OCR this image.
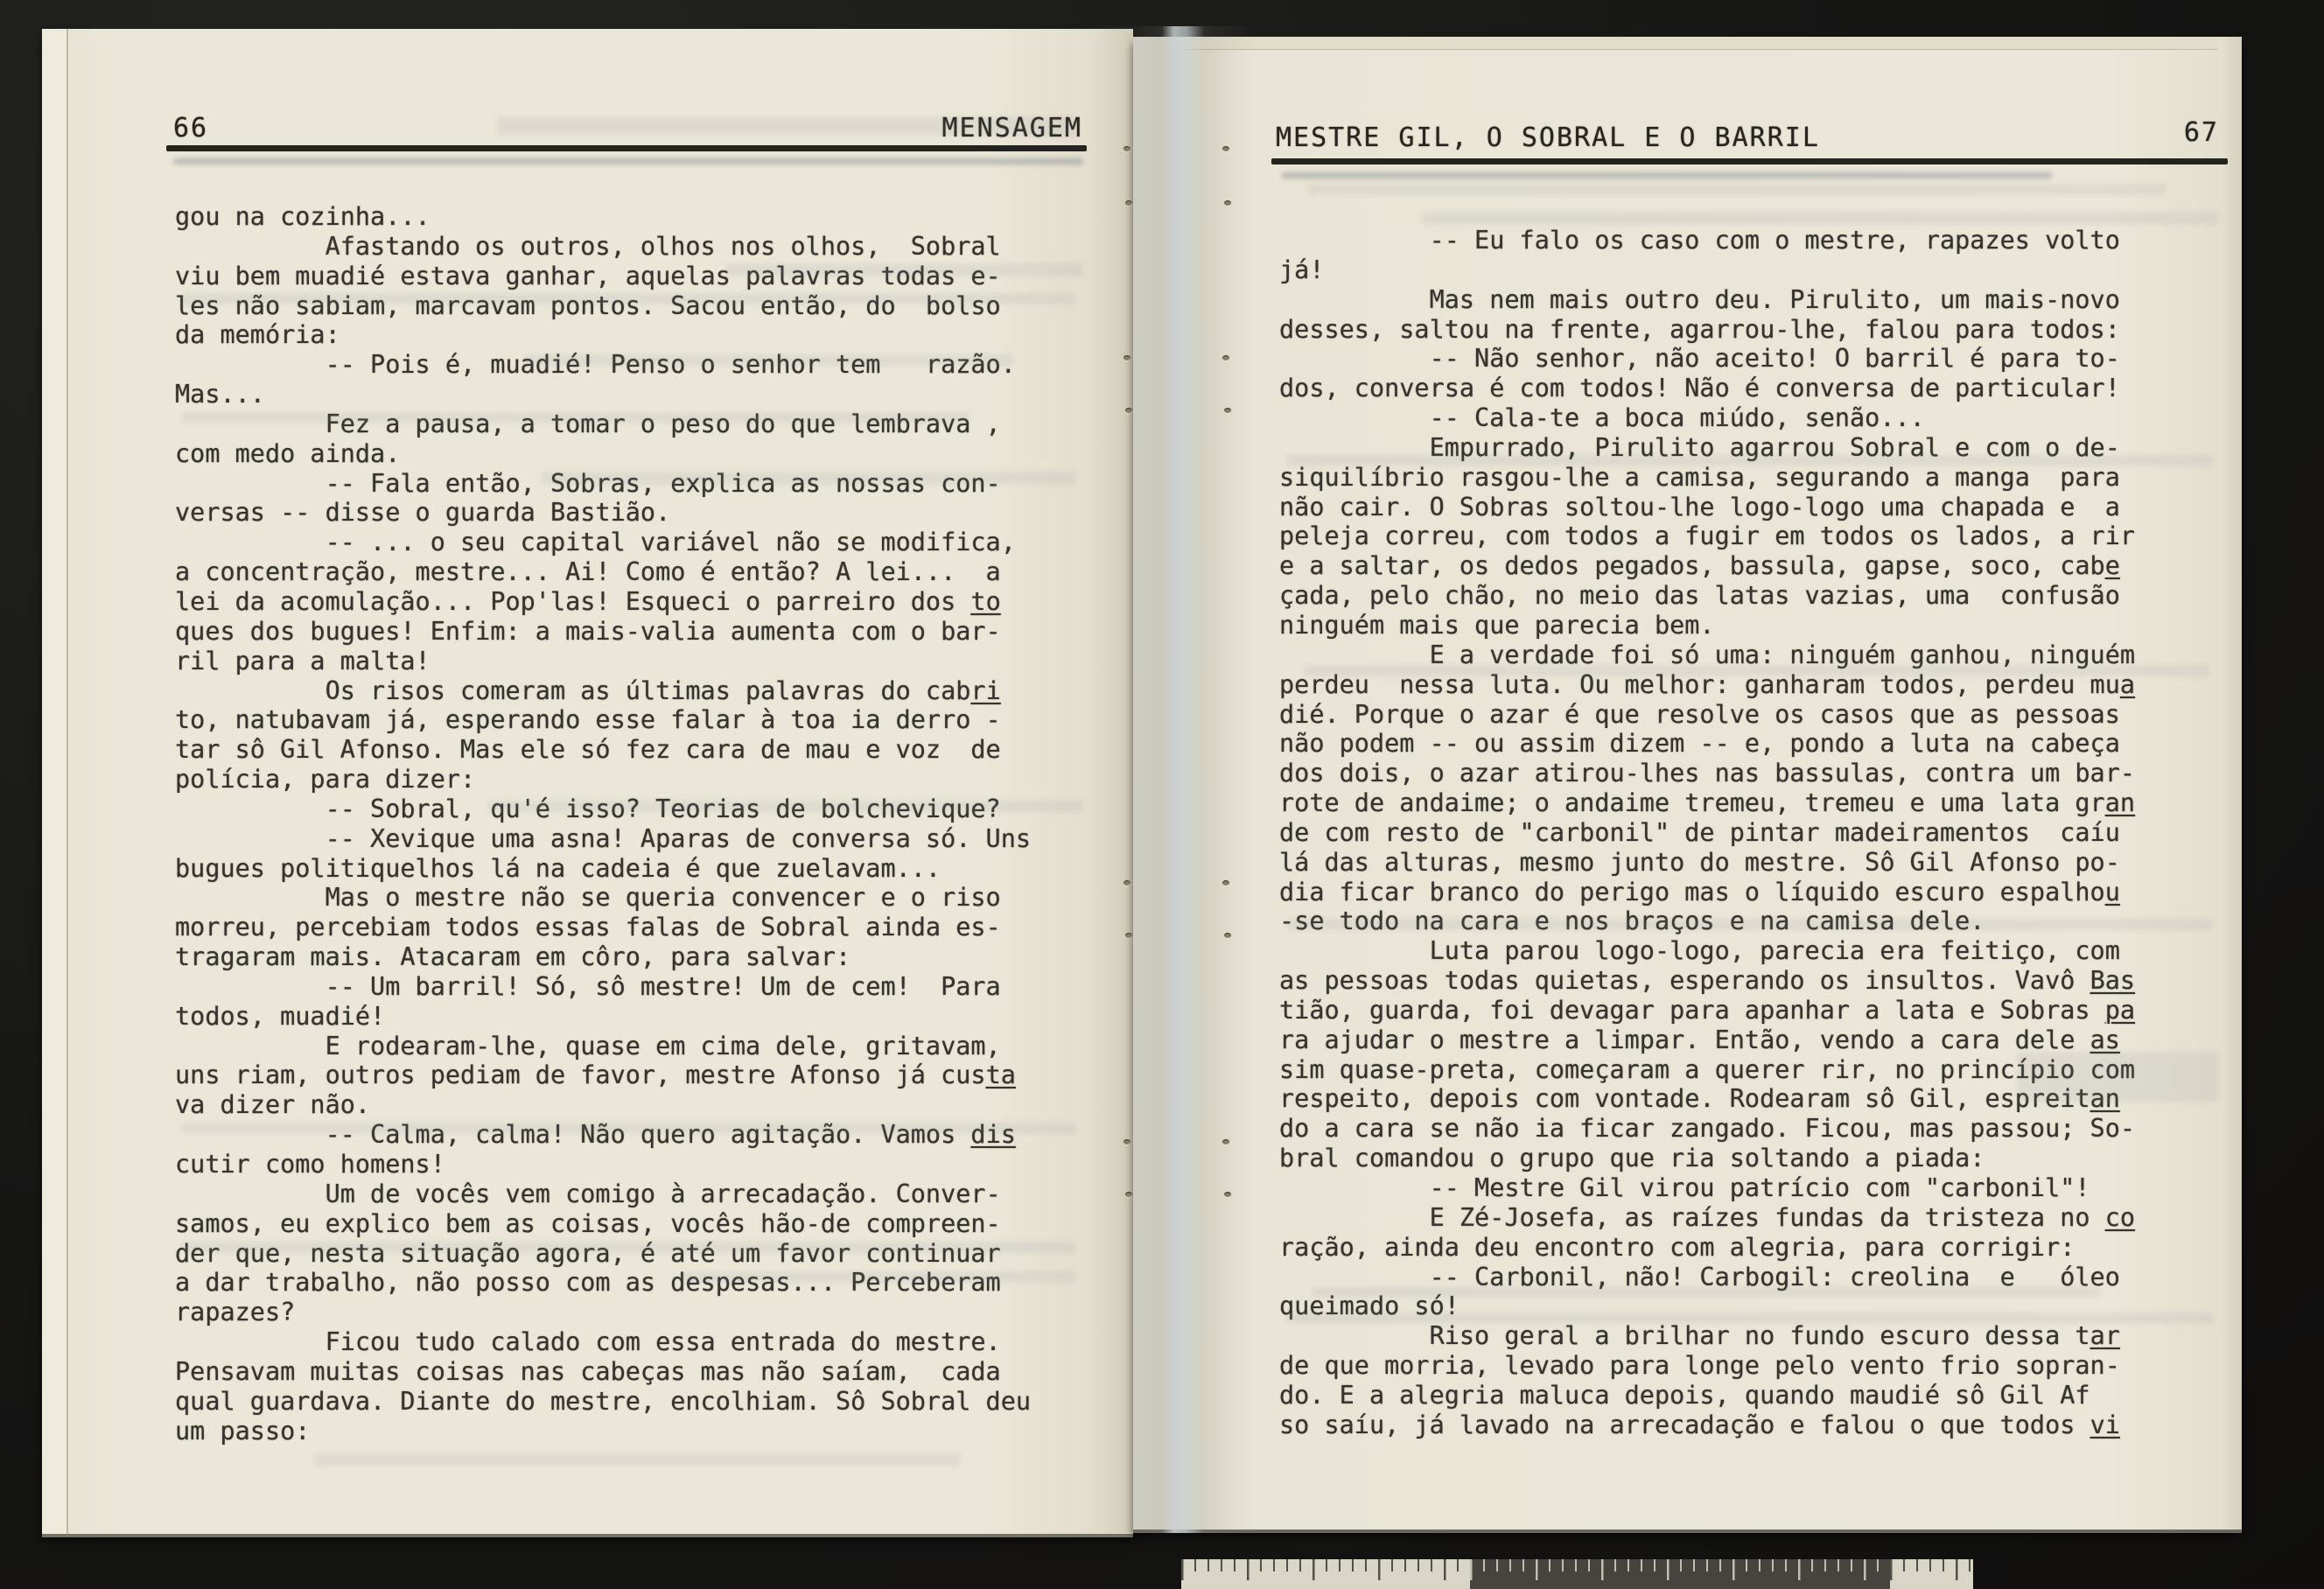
66	MENSAGEM
gou na cozinha...
Afastando os outros, olhos nos olhos,  Sobral
viu bem muadié estava ganhar, aquelas palavras todas e-
les não sabiam, marcavam pontos. Sacou então, do  bolso
da memória:
-- Pois é, muadié! Penso o senhor tem   razão.
Mas...
Fez a pausa, a tomar o peso do que lembrava ,
com medo ainda.
-- Fala então, Sobras, explica as nossas con-
versas -- disse o guarda Bastião.
-- ... o seu capital variável não se modifica,
a concentração, mestre... Ai! Como é então? A lei...  a
lei da acomulação... Pop'las! Esqueci o parreiro dos to
ques dos bugues! Enfim: a mais-valia aumenta com o bar-
ril para a malta!
Os risos comeram as últimas palavras do cabri
to, natubavam já, esperando esse falar à toa ia derro -
tar sô Gil Afonso. Mas ele só fez cara de mau e voz  de
polícia, para dizer:
-- Sobral, qu'é isso? Teorias de bolchevique?
-- Xevique uma asna! Aparas de conversa só. Uns
bugues politiquelhos lá na cadeia é que zuelavam...
Mas o mestre não se queria convencer e o riso
morreu, percebiam todos essas falas de Sobral ainda es-
tragaram mais. Atacaram em côro, para salvar:
-- Um barril! Só, sô mestre! Um de cem!  Para
todos, muadié!
E rodearam-lhe, quase em cima dele, gritavam,
uns riam, outros pediam de favor, mestre Afonso já custa
va dizer não.
-- Calma, calma! Não quero agitação. Vamos dis
cutir como homens!
Um de vocês vem comigo à arrecadação. Conver-
samos, eu explico bem as coisas, vocês hão-de compreen-
der que, nesta situação agora, é até um favor continuar
a dar trabalho, não posso com as despesas... Perceberam
rapazes?
Ficou tudo calado com essa entrada do mestre.
Pensavam muitas coisas nas cabeças mas não saíam,  cada
qual guardava. Diante do mestre, encolhiam. Sô Sobral deu
um passo:
MESTRE GIL, O SOBRAL E O BARRIL	67
-- Eu falo os caso com o mestre, rapazes volto
já!
Mas nem mais outro deu. Pirulito, um mais-novo
desses, saltou na frente, agarrou-lhe, falou para todos:
-- Não senhor, não aceito! O barril é para to-
dos, conversa é com todos! Não é conversa de particular!
-- Cala-te a boca miúdo, senão...
Empurrado, Pirulito agarrou Sobral e com o de-
siquilíbrio rasgou-lhe a camisa, segurando a manga  para
não cair. O Sobras soltou-lhe logo-logo uma chapada e  a
peleja correu, com todos a fugir em todos os lados, a rir
e a saltar, os dedos pegados, bassula, gapse, soco, cabe
çada, pelo chão, no meio das latas vazias, uma  confusão
ninguém mais que parecia bem.
E a verdade foi só uma: ninguém ganhou, ninguém
perdeu  nessa luta. Ou melhor: ganharam todos, perdeu mua
dié. Porque o azar é que resolve os casos que as pessoas
não podem -- ou assim dizem -- e, pondo a luta na cabeça
dos dois, o azar atirou-lhes nas bassulas, contra um bar-
rote de andaime; o andaime tremeu, tremeu e uma lata gran
de com resto de "carbonil" de pintar madeiramentos  caíu
lá das alturas, mesmo junto do mestre. Sô Gil Afonso po-
dia ficar branco do perigo mas o líquido escuro espalhou
-se todo na cara e nos braços e na camisa dele.
Luta parou logo-logo, parecia era feitiço, com
as pessoas todas quietas, esperando os insultos. Vavô Bas
tião, guarda, foi devagar para apanhar a lata e Sobras pa
ra ajudar o mestre a limpar. Então, vendo a cara dele as
sim quase-preta, começaram a querer rir, no princípio com
respeito, depois com vontade. Rodearam sô Gil, espreitan
do a cara se não ia ficar zangado. Ficou, mas passou; So-
bral comandou o grupo que ria soltando a piada:
-- Mestre Gil virou patrício com "carbonil"!
E Zé-Josefa, as raízes fundas da tristeza no co
ração, ainda deu encontro com alegria, para corrigir:
-- Carbonil, não! Carbogil: creolina  e   óleo
queimado só!
Riso geral a brilhar no fundo escuro dessa tar
de que morria, levado para longe pelo vento frio sopran-
do. E a alegria maluca depois, quando maudié sô Gil Af
so saíu, já lavado na arrecadação e falou o que todos vi
